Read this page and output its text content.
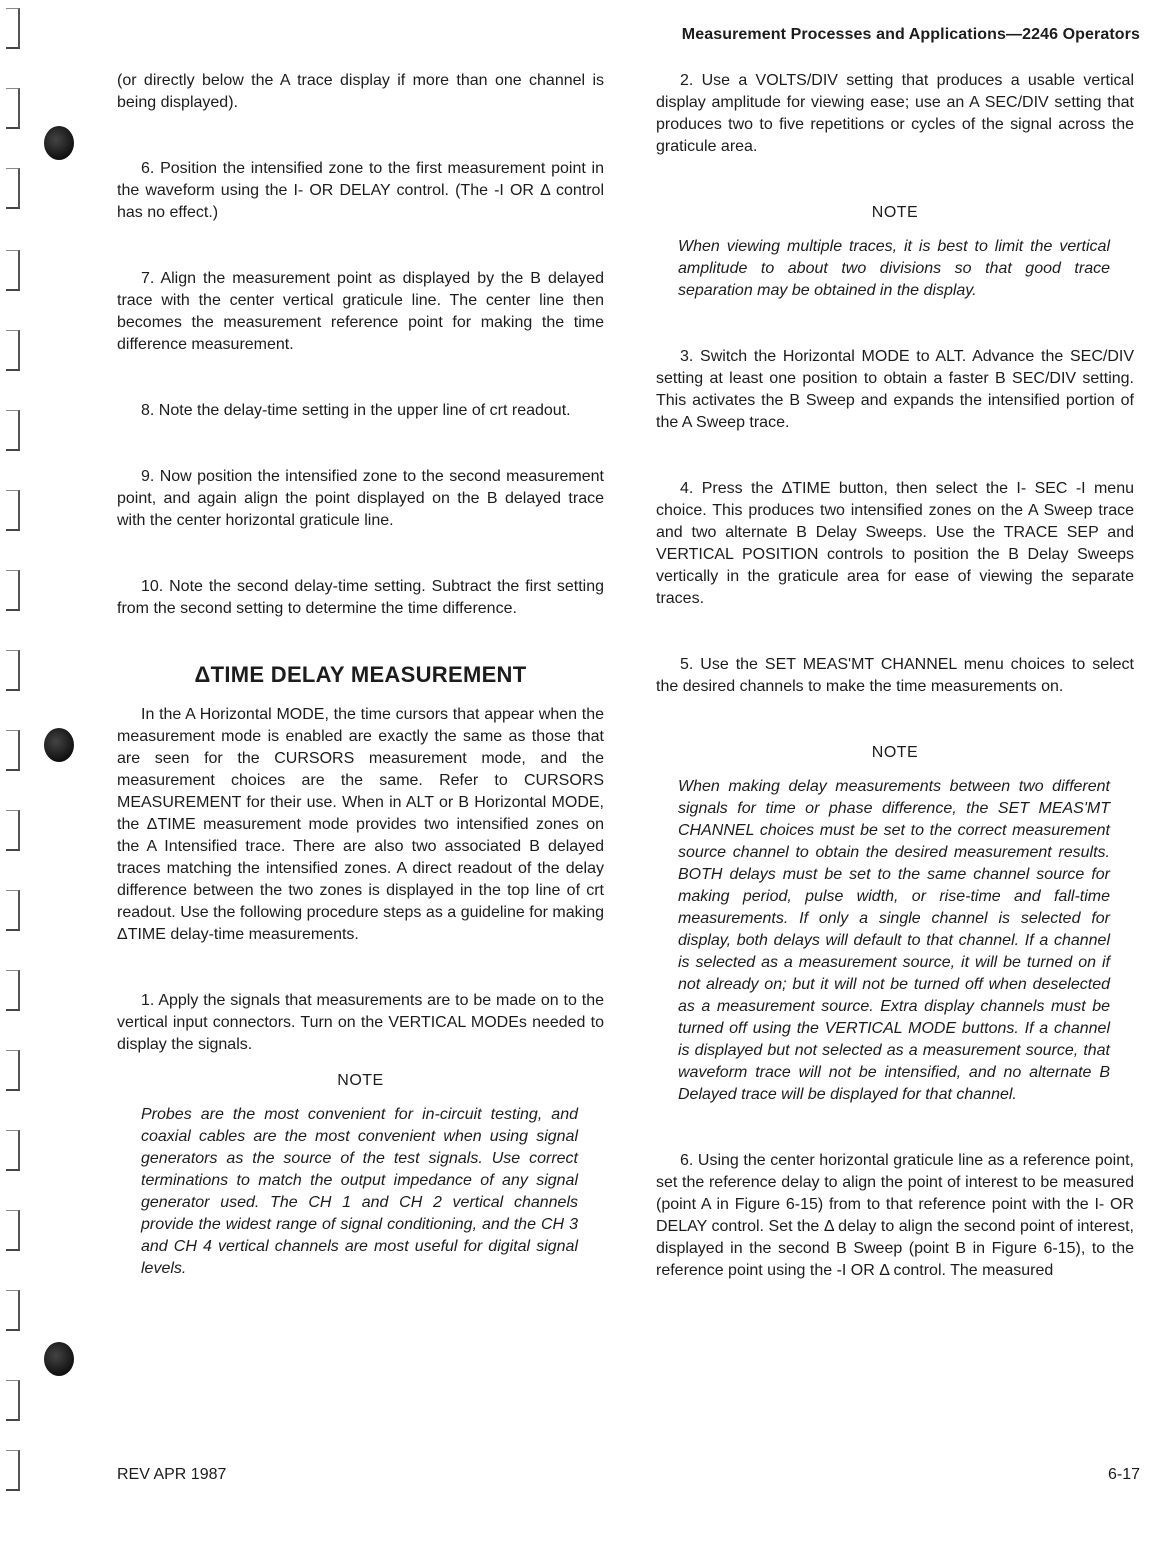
Measurement Processes and Applications—2246 Operators

(or directly below the A trace display if more than one channel is being displayed).

6. Position the intensified zone to the first measurement point in the waveform using the I- OR DELAY control. (The -I OR Δ control has no effect.)

7. Align the measurement point as displayed by the B delayed trace with the center vertical graticule line. The center line then becomes the measurement reference point for making the time difference measurement.

8. Note the delay-time setting in the upper line of crt readout.

9. Now position the intensified zone to the second measurement point, and again align the point displayed on the B delayed trace with the center horizontal graticule line.

10. Note the second delay-time setting. Subtract the first setting from the second setting to determine the time difference.

ΔTIME DELAY MEASUREMENT

In the A Horizontal MODE, the time cursors that appear when the measurement mode is enabled are exactly the same as those that are seen for the CURSORS measurement mode, and the measurement choices are the same. Refer to CURSORS MEASUREMENT for their use. When in ALT or B Horizontal MODE, the ΔTIME measurement mode provides two intensified zones on the A Intensified trace. There are also two associated B delayed traces matching the intensified zones. A direct readout of the delay difference between the two zones is displayed in the top line of crt readout. Use the following procedure steps as a guideline for making ΔTIME delay-time measurements.

1. Apply the signals that measurements are to be made on to the vertical input connectors. Turn on the VERTICAL MODEs needed to display the signals.

NOTE

Probes are the most convenient for in-circuit testing, and coaxial cables are the most convenient when using signal generators as the source of the test signals. Use correct terminations to match the output impedance of any signal generator used. The CH 1 and CH 2 vertical channels provide the widest range of signal conditioning, and the CH 3 and CH 4 vertical channels are most useful for digital signal levels.

2. Use a VOLTS/DIV setting that produces a usable vertical display amplitude for viewing ease; use an A SEC/DIV setting that produces two to five repetitions or cycles of the signal across the graticule area.

NOTE

When viewing multiple traces, it is best to limit the vertical amplitude to about two divisions so that good trace separation may be obtained in the display.

3. Switch the Horizontal MODE to ALT. Advance the SEC/DIV setting at least one position to obtain a faster B SEC/DIV setting. This activates the B Sweep and expands the intensified portion of the A Sweep trace.

4. Press the ΔTIME button, then select the I- SEC -I menu choice. This produces two intensified zones on the A Sweep trace and two alternate B Delay Sweeps. Use the TRACE SEP and VERTICAL POSITION controls to position the B Delay Sweeps vertically in the graticule area for ease of viewing the separate traces.

5. Use the SET MEAS'MT CHANNEL menu choices to select the desired channels to make the time measurements on.

NOTE

When making delay measurements between two different signals for time or phase difference, the SET MEAS'MT CHANNEL choices must be set to the correct measurement source channel to obtain the desired measurement results. BOTH delays must be set to the same channel source for making period, pulse width, or rise-time and fall-time measurements. If only a single channel is selected for display, both delays will default to that channel. If a channel is selected as a measurement source, it will be turned on if not already on; but it will not be turned off when deselected as a measurement source. Extra display channels must be turned off using the VERTICAL MODE buttons. If a channel is displayed but not selected as a measurement source, that waveform trace will not be intensified, and no alternate B Delayed trace will be displayed for that channel.

6. Using the center horizontal graticule line as a reference point, set the reference delay to align the point of interest to be measured (point A in Figure 6-15) from to that reference point with the I- OR DELAY control. Set the Δ delay to align the second point of interest, displayed in the second B Sweep (point B in Figure 6-15), to the reference point using the -I OR Δ control. The measured

REV APR 1987	6-17
